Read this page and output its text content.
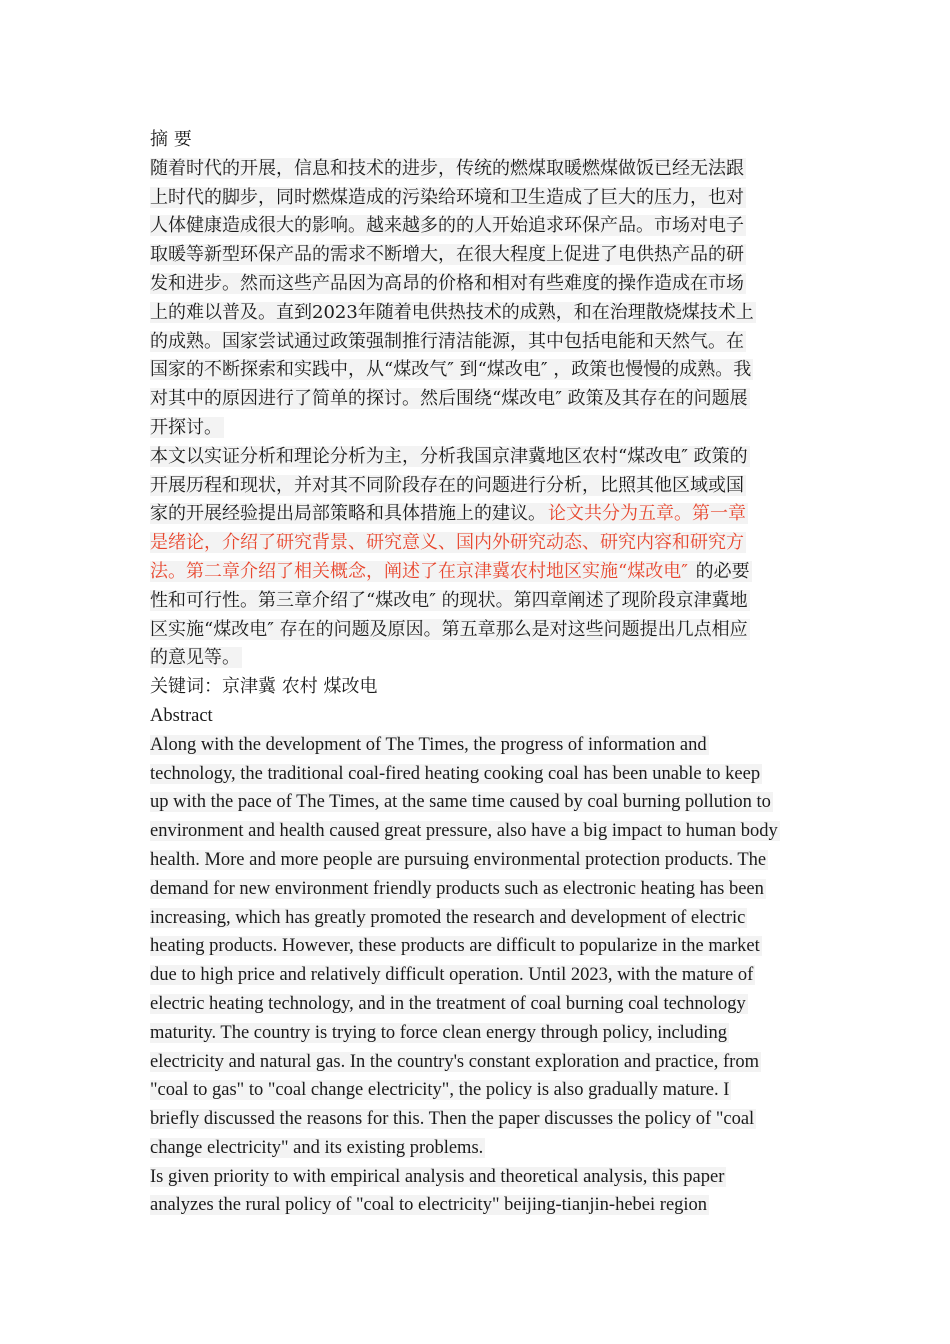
摘 要
随着时代的开展，信息和技术的进步，传统的燃煤取暖燃煤做饭已经无法跟
上时代的脚步，同时燃煤造成的污染给环境和卫生造成了巨大的压力，也对
人体健康造成很大的影响。越来越多的的人开始追求环保产品。市场对电子
取暖等新型环保产品的需求不断增大，在很大程度上促进了电供热产品的研
发和进步。然而这些产品因为高昂的价格和相对有些难度的操作造成在市场
上的难以普及。直到2023年随着电供热技术的成熟，和在治理散烧煤技术上
的成熟。国家尝试通过政策强制推行清洁能源，其中包括电能和天然气。在
国家的不断探索和实践中，从“煤改气″ 到“煤改电″ ，政策也慢慢的成熟。我
对其中的原因进行了简单的探讨。然后围绕“煤改电″ 政策及其存在的问题展
开探讨。
本文以实证分析和理论分析为主，分析我国京津冀地区农村“煤改电″ 政策的
开展历程和现状，并对其不同阶段存在的问题进行分析，比照其他区域或国
家的开展经验提出局部策略和具体措施上的建议。 论文共分为五章。第一章
是绪论，介绍了研究背景、研究意义、国内外研究动态、研究内容和研究方
法。第二章介绍了相关概念，阐述了在京津冀农村地区实施“煤改电″ 的必要
性和可行性。第三章介绍了“煤改电″ 的现状。第四章阐述了现阶段京津冀地
区实施“煤改电″ 存在的问题及原因。第五章那么是对这些问题提出几点相应
的意见等。
关键词：京津冀 农村 煤改电
Abstract
Along with the development of The Times, the progress of information and
technology, the traditional coal-fired heating cooking coal has been unable to keep
up with the pace of The Times, at the same time caused by coal burning pollution to
environment and health caused great pressure, also have a big impact to human body
health. More and more people are pursuing environmental protection products. The
demand for new environment friendly products such as electronic heating has been
increasing, which has greatly promoted the research and development of electric
heating products. However, these products are difficult to popularize in the market
due to high price and relatively difficult operation. Until 2023, with the mature of
electric heating technology, and in the treatment of coal burning coal technology
maturity. The country is trying to force clean energy through policy, including
electricity and natural gas. In the country's constant exploration and practice, from
"coal to gas" to "coal change electricity", the policy is also gradually mature. I
briefly discussed the reasons for this. Then the paper discusses the policy of "coal
change electricity" and its existing problems.
Is given priority to with empirical analysis and theoretical analysis, this paper
analyzes the rural policy of "coal to electricity" beijing-tianjin-hebei region
